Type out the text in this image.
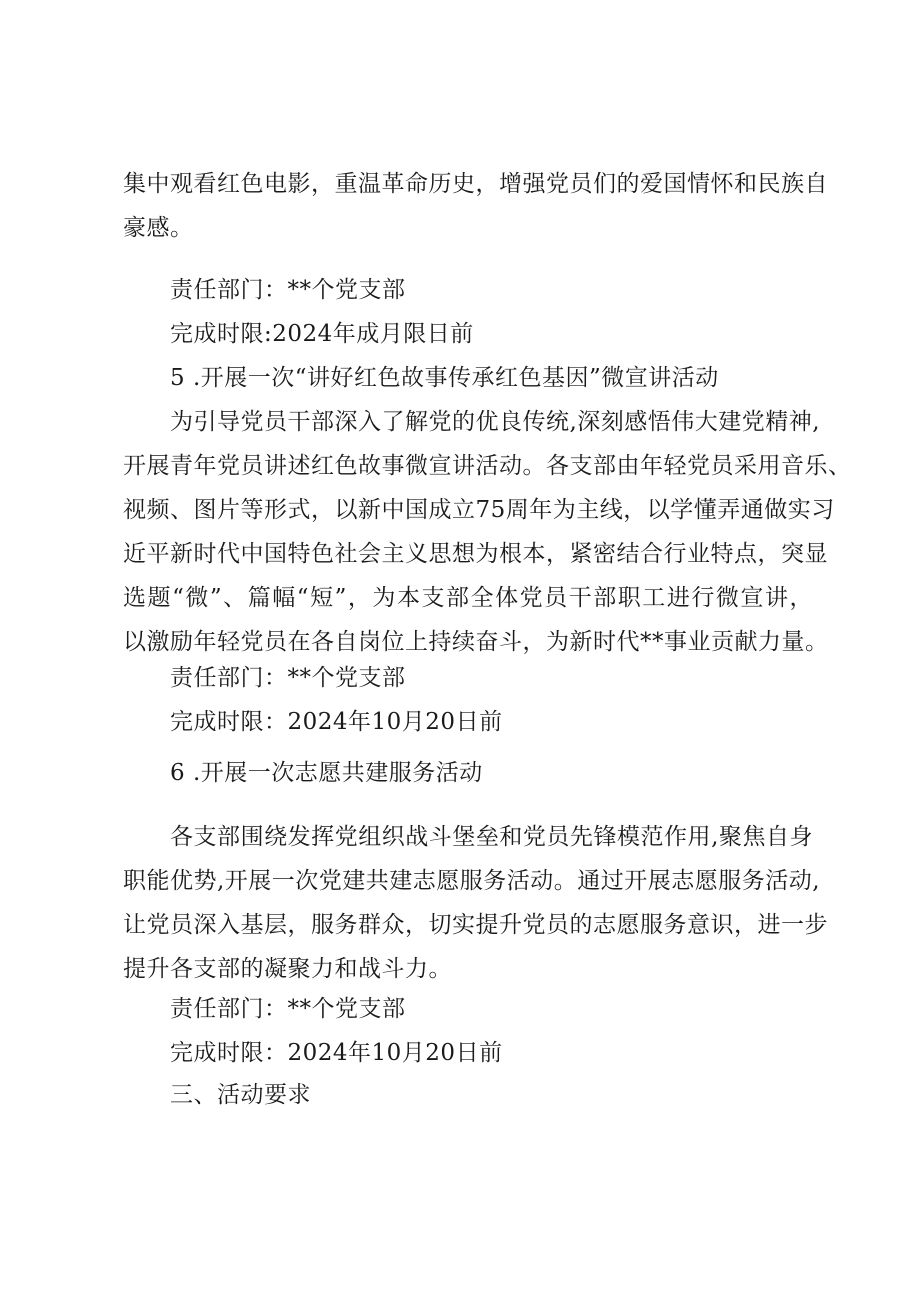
集中观看红色电影，重温革命历史，增强党员们的爱国情怀和民族自
豪感。
责任部门：**个党支部
完成时限:2024年成月限日前
5 .开展一次“讲好红色故事传承红色基因”微宣讲活动
为引导党员干部深入了解党的优良传统,深刻感悟伟大建党精神,
开展青年党员讲述红色故事微宣讲活动。各支部由年轻党员采用音乐、
视频、图片等形式，以新中国成立75周年为主线，以学懂弄通做实习
近平新时代中国特色社会主义思想为根本，紧密结合行业特点，突显
选题“微”、篇幅“短”，为本支部全体党员干部职工进行微宣讲，
以激励年轻党员在各自岗位上持续奋斗，为新时代**事业贡献力量。
责任部门：**个党支部
完成时限：2024年10月20日前
6 .开展一次志愿共建服务活动
各支部围绕发挥党组织战斗堡垒和党员先锋模范作用,聚焦自身
职能优势,开展一次党建共建志愿服务活动。通过开展志愿服务活动,
让党员深入基层，服务群众，切实提升党员的志愿服务意识，进一步
提升各支部的凝聚力和战斗力。
责任部门：**个党支部
完成时限：2024年10月20日前
三、活动要求
